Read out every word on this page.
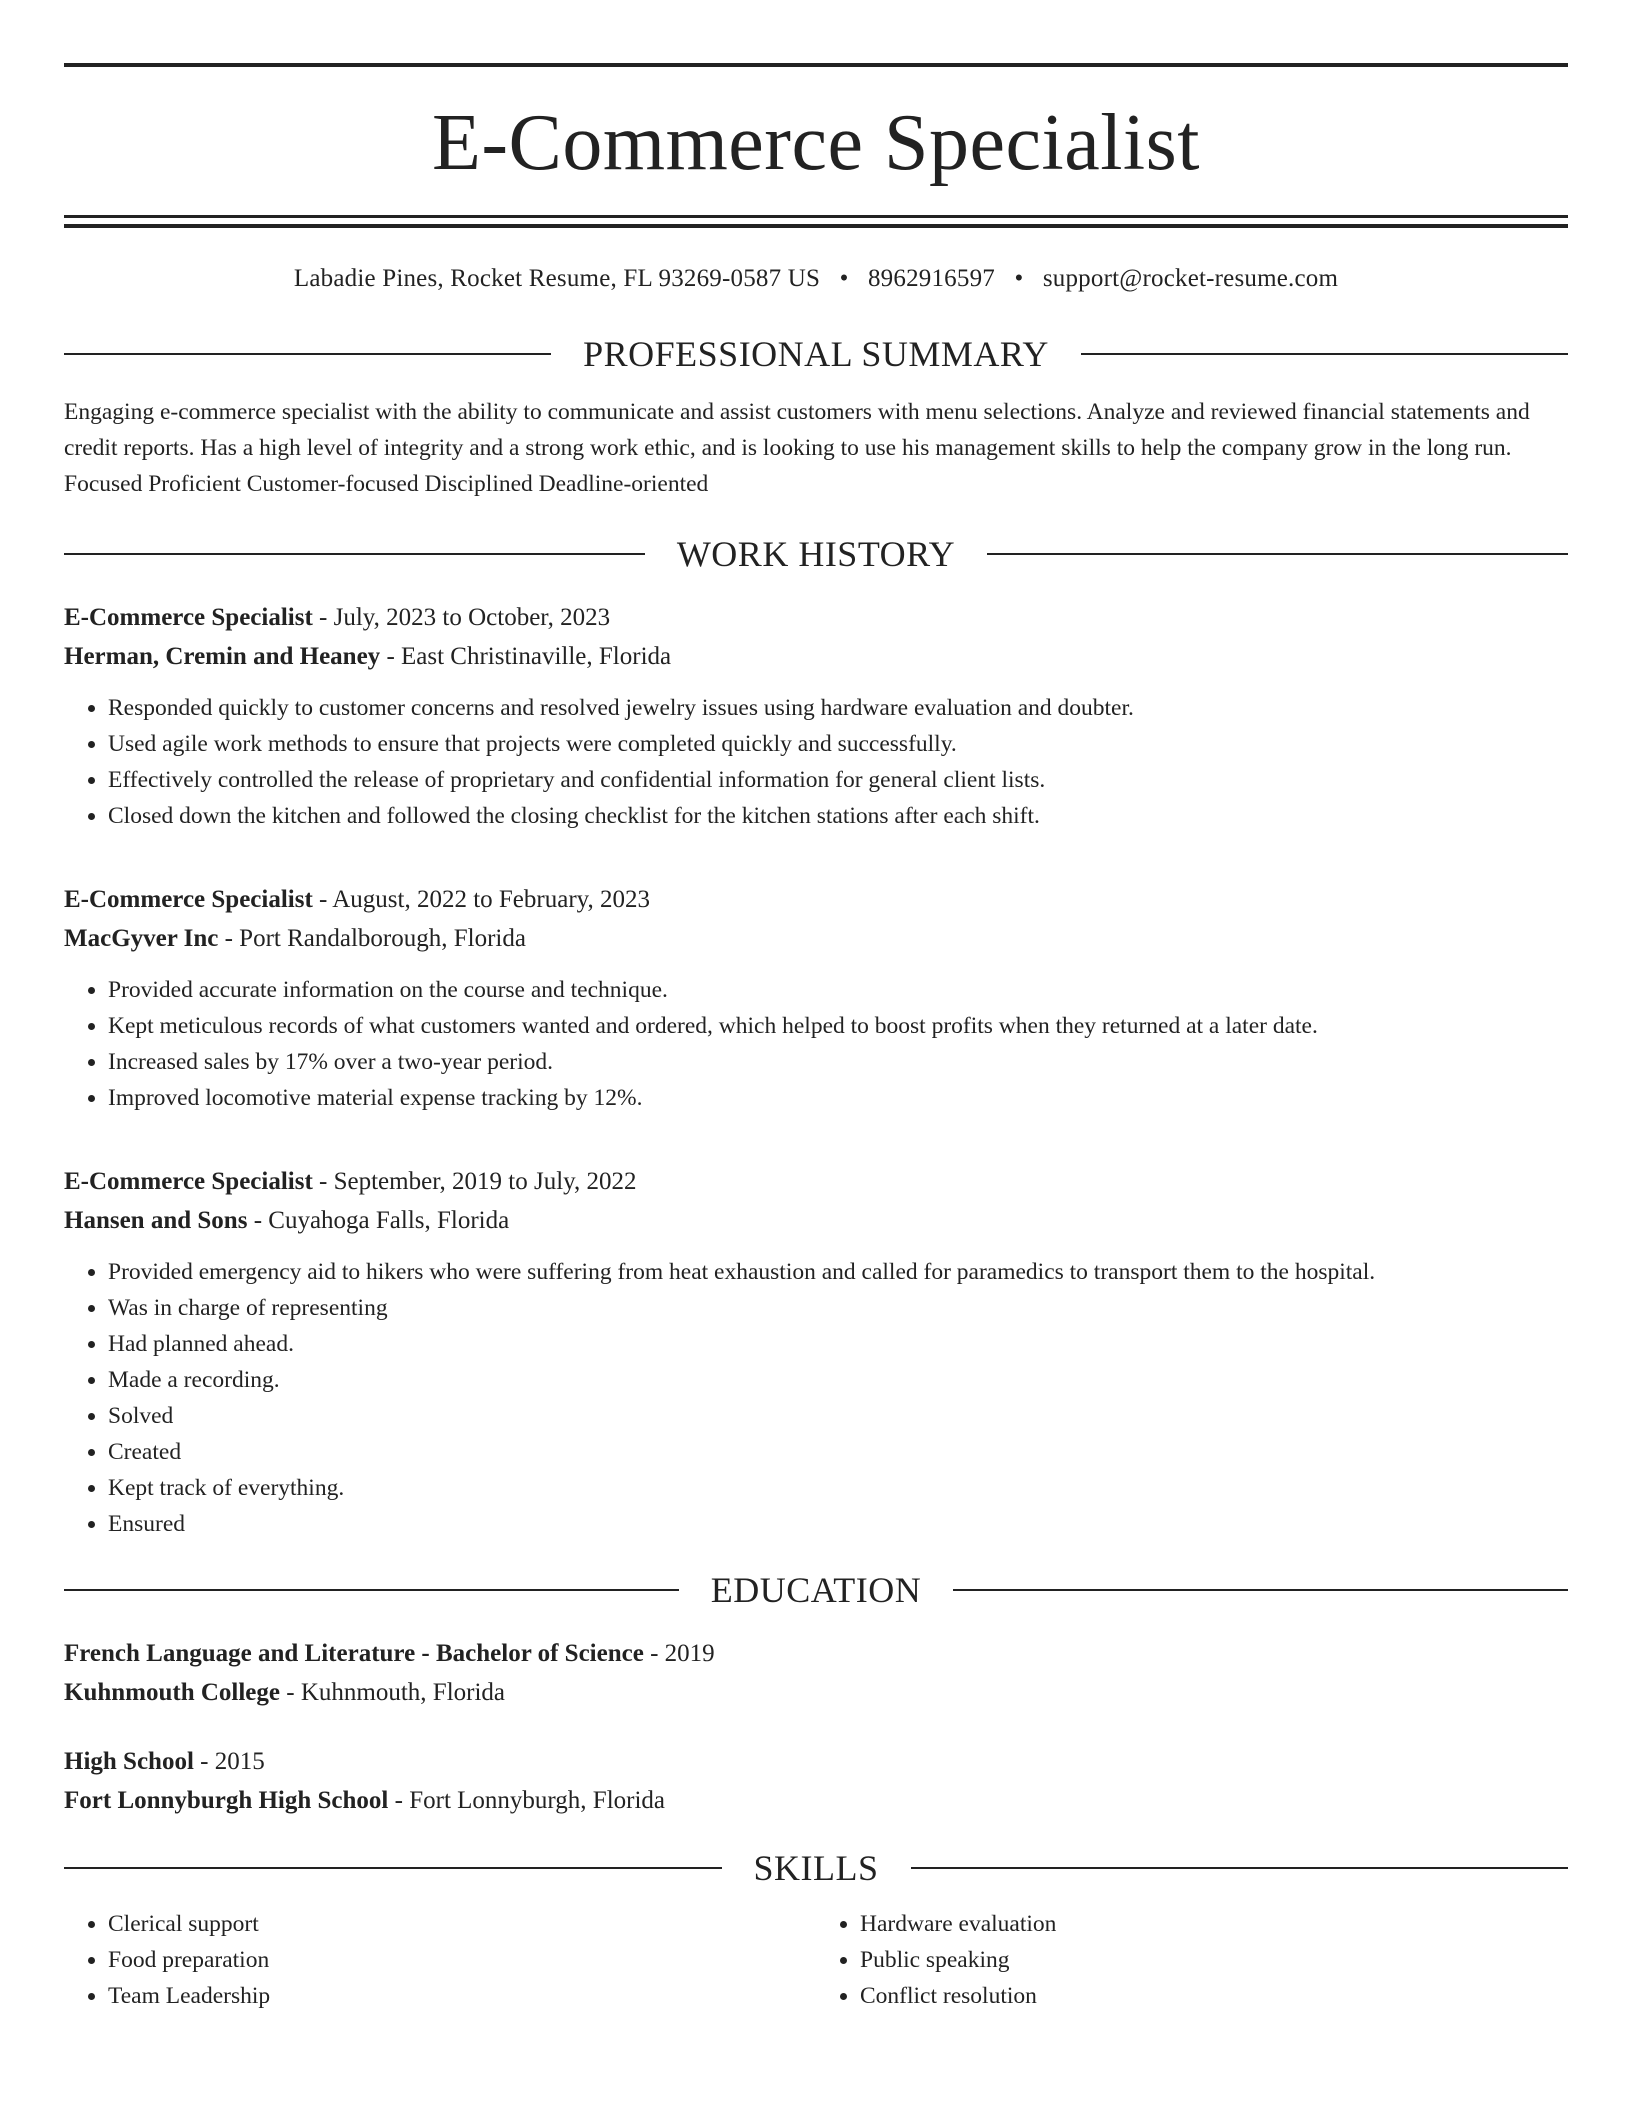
E-Commerce Specialist
Labadie Pines, Rocket Resume, FL 93269-0587 US • 8962916597 • support@rocket-resume.com
PROFESSIONAL SUMMARY
Engaging e-commerce specialist with the ability to communicate and assist customers with menu selections. Analyze and reviewed financial statements and credit reports. Has a high level of integrity and a strong work ethic, and is looking to use his management skills to help the company grow in the long run. Focused Proficient Customer-focused Disciplined Deadline-oriented
WORK HISTORY
E-Commerce Specialist - July, 2023 to October, 2023
Herman, Cremin and Heaney - East Christinaville, Florida
• Responded quickly to customer concerns and resolved jewelry issues using hardware evaluation and doubter.
• Used agile work methods to ensure that projects were completed quickly and successfully.
• Effectively controlled the release of proprietary and confidential information for general client lists.
• Closed down the kitchen and followed the closing checklist for the kitchen stations after each shift.
E-Commerce Specialist - August, 2022 to February, 2023
MacGyver Inc - Port Randalborough, Florida
• Provided accurate information on the course and technique.
• Kept meticulous records of what customers wanted and ordered, which helped to boost profits when they returned at a later date.
• Increased sales by 17% over a two-year period.
• Improved locomotive material expense tracking by 12%.
E-Commerce Specialist - September, 2019 to July, 2022
Hansen and Sons - Cuyahoga Falls, Florida
• Provided emergency aid to hikers who were suffering from heat exhaustion and called for paramedics to transport them to the hospital.
• Was in charge of representing
• Had planned ahead.
• Made a recording.
• Solved
• Created
• Kept track of everything.
• Ensured
EDUCATION
French Language and Literature - Bachelor of Science - 2019
Kuhnmouth College - Kuhnmouth, Florida
High School - 2015
Fort Lonnyburgh High School - Fort Lonnyburgh, Florida
SKILLS
• Clerical support
• Food preparation
• Team Leadership
• Hardware evaluation
• Public speaking
• Conflict resolution
